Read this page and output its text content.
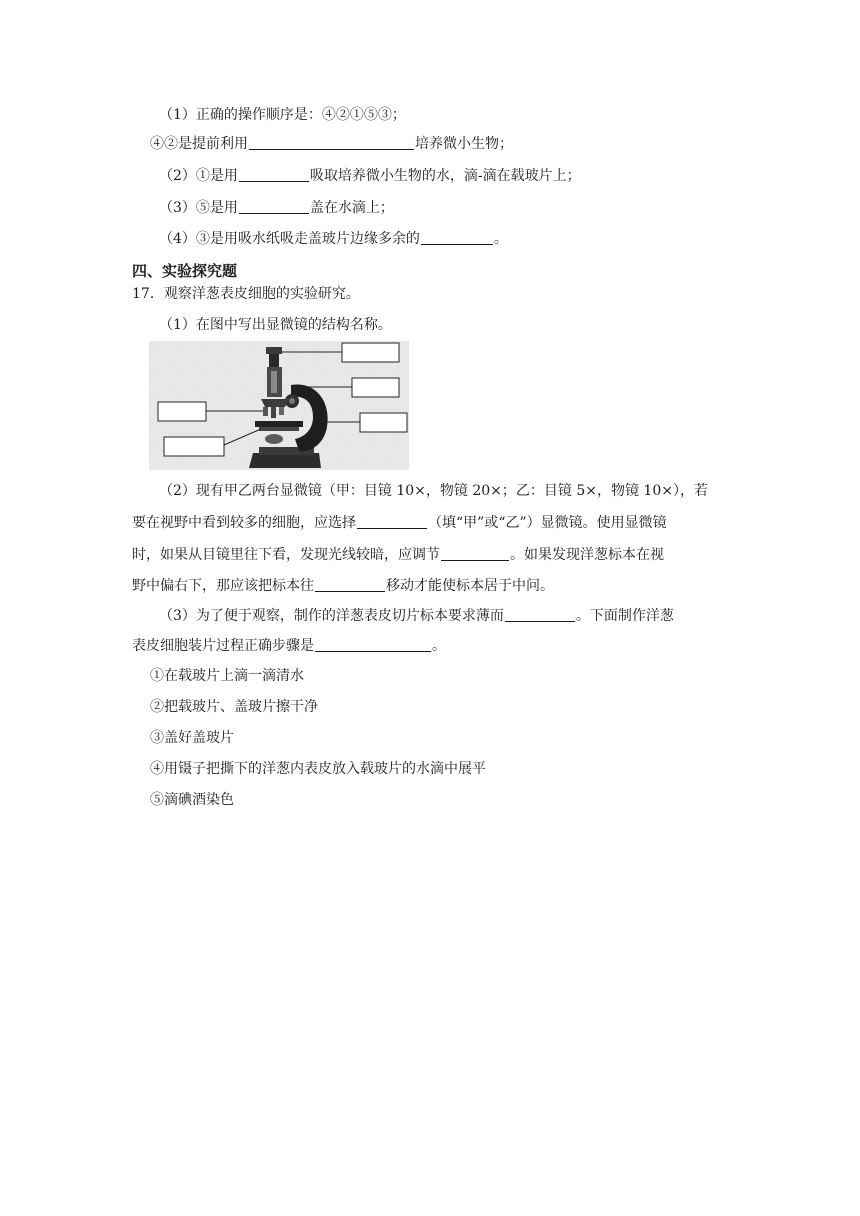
（1）正确的操作顺序是：④②①⑤③；
④②是提前利用	培养微小生物；
（2）①是用	吸取培养微小生物的水，滴-滴在载玻片上；
（3）⑤是用	盖在水滴上；
（4）③是用吸水纸吸走盖玻片边缘多余的	。
四、实验探究题
17．观察洋葱表皮细胞的实验研究。
（1）在图中写出显微镜的结构名称。
（2）现有甲乙两台显微镜（甲：目镜 10×，物镜 20×；乙：目镜 5×，物镜 10×），若
要在视野中看到较多的细胞，应选择	（填“甲”或“乙”）显微镜。使用显微镜
时，如果从目镜里往下看，发现光线较暗，应调节	。如果发现洋葱标本在视
野中偏右下，那应该把标本往	移动才能使标本居于中问。
（3）为了便于观察，制作的洋葱表皮切片标本要求薄而	。下面制作洋葱
表皮细胞装片过程正确步骤是	。
①在载玻片上滴一滴清水
②把载玻片、盖玻片擦干净
③盖好盖玻片
④用镊子把撕下的洋葱内表皮放入载玻片的水滴中展平
⑤滴碘酒染色
